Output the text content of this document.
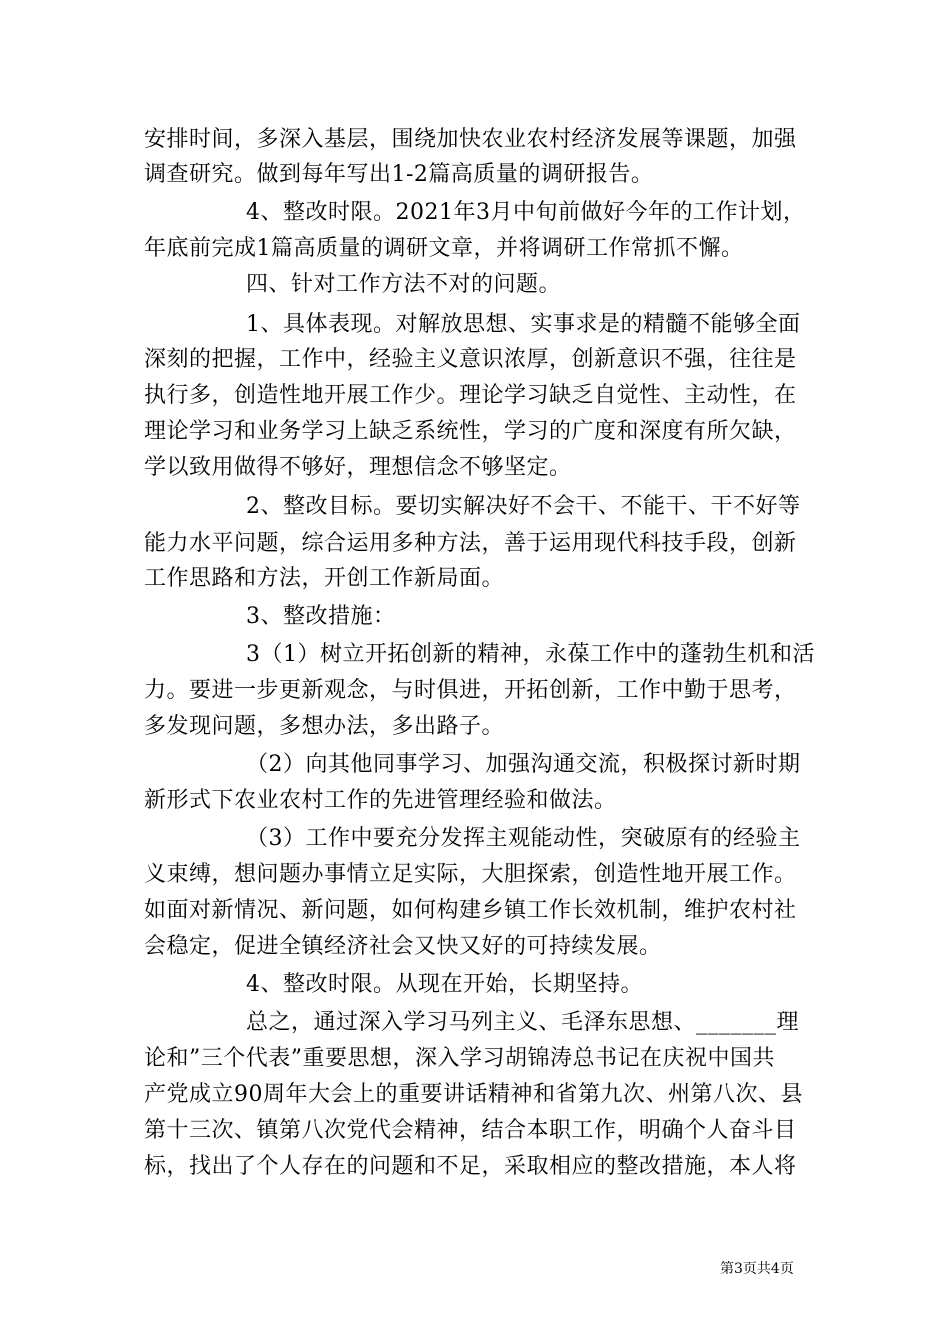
安排时间，多深入基层，围绕加快农业农村经济发展等课题，加强
调查研究。做到每年写出1-2篇高质量的调研报告。
4、整改时限。2021年3月中旬前做好今年的工作计划，
年底前完成1篇高质量的调研文章，并将调研工作常抓不懈。
四、针对工作方法不对的问题。
1、具体表现。对解放思想、实事求是的精髓不能够全面
深刻的把握，工作中，经验主义意识浓厚，创新意识不强，往往是
执行多，创造性地开展工作少。理论学习缺乏自觉性、主动性，在
理论学习和业务学习上缺乏系统性，学习的广度和深度有所欠缺，
学以致用做得不够好，理想信念不够坚定。
2、整改目标。要切实解决好不会干、不能干、干不好等
能力水平问题，综合运用多种方法，善于运用现代科技手段，创新
工作思路和方法，开创工作新局面。
3、整改措施：
3（1）树立开拓创新的精神，永葆工作中的蓬勃生机和活
力。要进一步更新观念，与时俱进，开拓创新，工作中勤于思考，
多发现问题，多想办法，多出路子。
（2）向其他同事学习、加强沟通交流，积极探讨新时期
新形式下农业农村工作的先进管理经验和做法。
（3）工作中要充分发挥主观能动性，突破原有的经验主
义束缚，想问题办事情立足实际，大胆探索，创造性地开展工作。
如面对新情况、新问题，如何构建乡镇工作长效机制，维护农村社
会稳定，促进全镇经济社会又快又好的可持续发展。
4、整改时限。从现在开始，长期坚持。
总之，通过深入学习马列主义、毛泽东思想、_______理
论和”三个代表”重要思想，深入学习胡锦涛总书记在庆祝中国共
产党成立90周年大会上的重要讲话精神和省第九次、州第八次、县
第十三次、镇第八次党代会精神，结合本职工作，明确个人奋斗目
标，找出了个人存在的问题和不足，采取相应的整改措施，本人将
第3页共4页
